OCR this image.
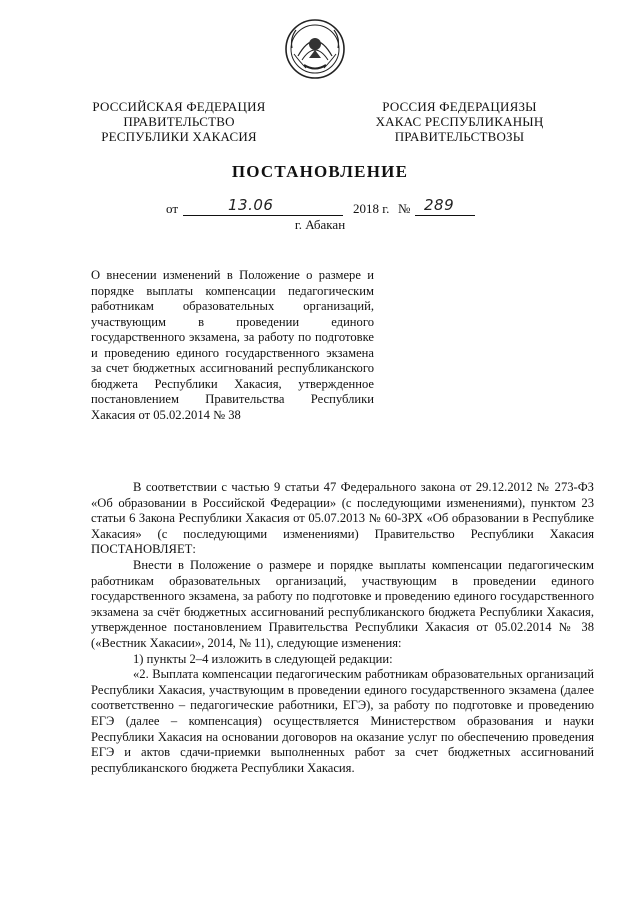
РОССИЙСКАЯ ФЕДЕРАЦИЯ
ПРАВИТЕЛЬСТВО
РЕСПУБЛИКИ ХАКАСИЯ
РОССИЯ ФЕДЕРАЦИЯЗЫ
ХАКАС РЕСПУБЛИКАНЫҢ
ПРАВИТЕЛЬСТВОЗЫ
ПОСТАНОВЛЕНИЕ
от	13.06	2018 г. № 289
г. Абакан
О внесении изменений в Положение о размере и порядке выплаты компенсации педагогическим работникам образовательных организаций, участвующим в проведении единого государственного экзамена, за работу по подготовке и проведению единого государственного экзамена за счет бюджетных ассигнований республиканского бюджета Республики Хакасия, утвержденное постановлением Правительства Республики Хакасия от 05.02.2014 № 38

В соответствии с частью 9 статьи 47 Федерального закона от 29.12.2012 № 273-ФЗ «Об образовании в Российской Федерации» (с последующими изменениями), пунктом 23 статьи 6 Закона Республики Хакасия от 05.07.2013 № 60-ЗРХ «Об образовании в Республике Хакасия» (с последующими изменениями) Правительство Республики Хакасия ПОСТАНОВЛЯЕТ:

Внести в Положение о размере и порядке выплаты компенсации педагогическим работникам образовательных организаций, участвующим в проведении единого государственного экзамена, за работу по подготовке и проведению единого государственного экзамена за счёт бюджетных ассигнований республиканского бюджета Республики Хакасия, утвержденное постановлением Правительства Республики Хакасия от 05.02.2014 № 38 («Вестник Хакасии», 2014, № 11), следующие изменения:

1) пункты 2–4 изложить в следующей редакции:

«2. Выплата компенсации педагогическим работникам образовательных организаций Республики Хакасия, участвующим в проведении единого государственного экзамена (далее соответственно – педагогические работники, ЕГЭ), за работу по подготовке и проведению ЕГЭ (далее – компенсация) осуществляется Министерством образования и науки Республики Хакасия на основании договоров на оказание услуг по обеспечению проведения ЕГЭ и актов сдачи-приемки выполненных работ за счет бюджетных ассигнований республиканского бюджета Республики Хакасия.
